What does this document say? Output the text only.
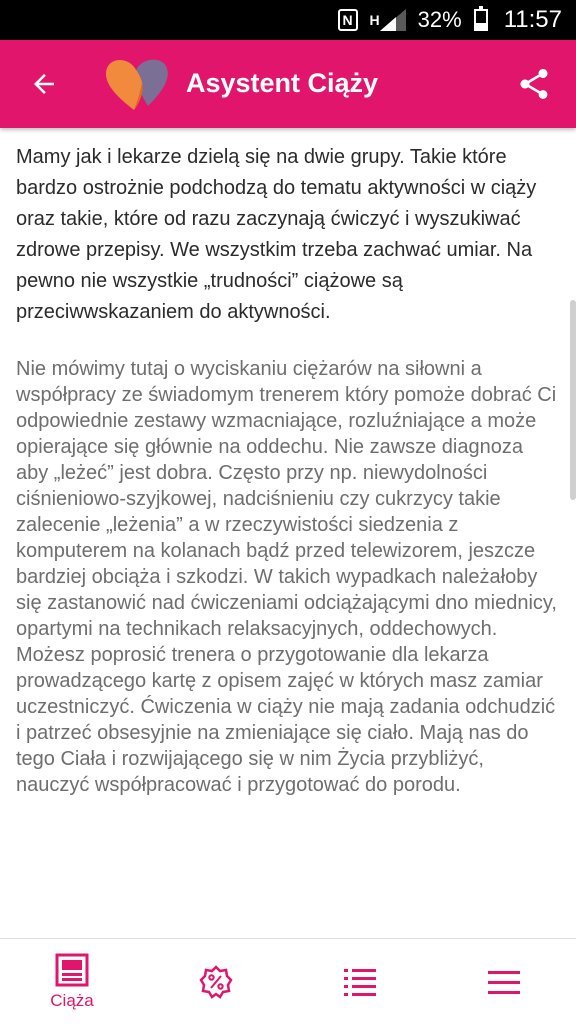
N	H 32% 11:57
Asystent Ciąży

Mamy jak i lekarze dzielą się na dwie grupy. Takie które bardzo ostrożnie podchodzą do tematu aktywności w ciąży oraz takie, które od razu zaczynają ćwiczyć i wyszukiwać zdrowe przepisy. We wszystkim trzeba zachwać umiar. Na pewno nie wszystkie „trudności” ciążowe są przeciwwskazaniem do aktywności.

Nie mówimy tutaj o wyciskaniu ciężarów na siłowni a współpracy ze świadomym trenerem który pomoże dobrać Ci odpowiednie zestawy wzmacniające, rozluźniające a może opierające się głównie na oddechu. Nie zawsze diagnoza aby „leżeć” jest dobra. Często przy np. niewydolności ciśnieniowo-szyjkowej, nadciśnieniu czy cukrzycy takie zalecenie „leżenia” a w rzeczywistości siedzenia z komputerem na kolanach bądź przed telewizorem, jeszcze bardziej obciąża i szkodzi. W takich wypadkach należałoby się zastanowić nad ćwiczeniami odciążającymi dno miednicy, opartymi na technikach relaksacyjnych, oddechowych. Możesz poprosić trenera o przygotowanie dla lekarza prowadzącego kartę z opisem zajęć w których masz zamiar uczestniczyć. Ćwiczenia w ciąży nie mają zadania odchudzić i patrzeć obsesyjnie na zmieniające się ciało. Mają nas do tego Ciała i rozwijającego się w nim Życia przybliżyć, nauczyć współpracować i przygotować do porodu.

Ciąża
